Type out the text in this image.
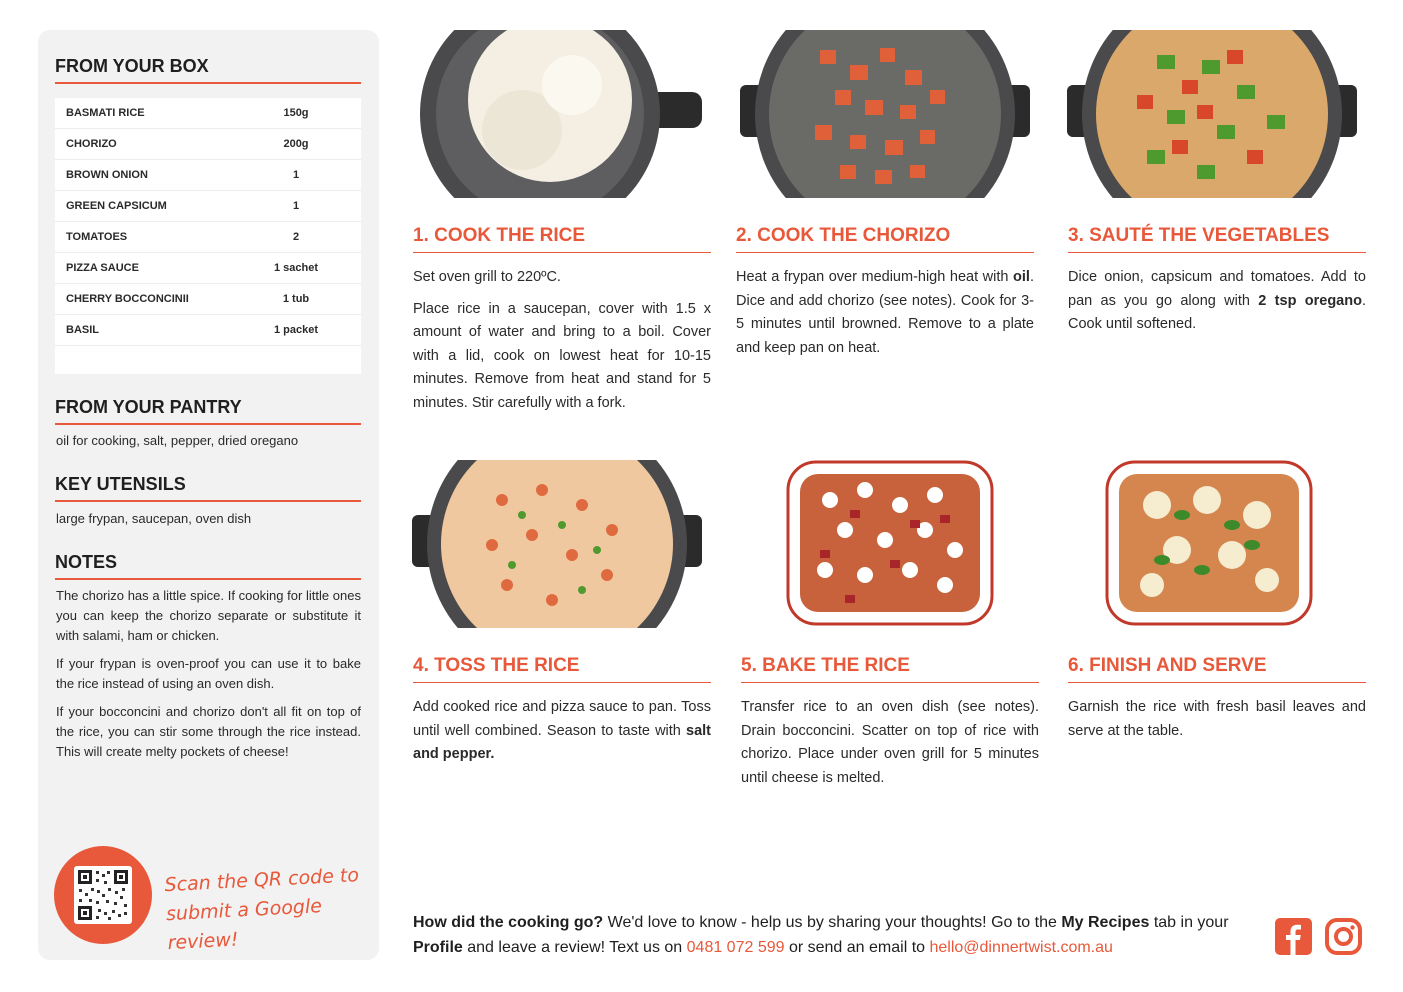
FROM YOUR BOX
BASMATI RICE	150g
CHORIZO	200g
BROWN ONION	1
GREEN CAPSICUM	1
TOMATOES	2
PIZZA SAUCE	1 sachet
CHERRY BOCCONCINII	1 tub
BASIL	1 packet
FROM YOUR PANTRY
oil for cooking, salt, pepper, dried oregano
KEY UTENSILS
large frypan, saucepan, oven dish
NOTES

The chorizo has a little spice. If cooking for little ones you can keep the chorizo separate or substitute it with salami, ham or chicken.

If your frypan is oven-proof you can use it to bake the rice instead of using an oven dish.

If your bocconcini and chorizo don't all fit on top of the rice, you can stir some through the rice instead. This will create melty pockets of cheese!

Scan the QR code to
submit a Google review!
1. COOK THE RICE	2. COOK THE CHORIZO	3. SAUTÉ THE VEGETABLES
4. TOSS THE RICE	5. BAKE THE RICE	6. FINISH AND SERVE

Set oven grill to 220ºC.

Place rice in a saucepan, cover with 1.5 x amount of water and bring to a boil. Cover with a lid, cook on lowest heat for 10-15 minutes. Remove from heat and stand for 5 minutes. Stir carefully with a fork.

Heat a frypan over medium-high heat with oil. Dice and add chorizo (see notes). Cook for 3-5 minutes until browned. Remove to a plate and keep pan on heat.

Dice onion, capsicum and tomatoes. Add to pan as you go along with 2 tsp oregano. Cook until softened.

Add cooked rice and pizza sauce to pan. Toss until well combined. Season to taste with salt and pepper.

Transfer rice to an oven dish (see notes). Drain bocconcini. Scatter on top of rice with chorizo. Place under oven grill for 5 minutes until cheese is melted.

Garnish the rice with fresh basil leaves and serve at the table.

How did the cooking go? We'd love to know - help us by sharing your thoughts! Go to the My Recipes tab in your Profile and leave a review! Text us on 0481 072 599 or send an email to hello@dinnertwist.com.au
